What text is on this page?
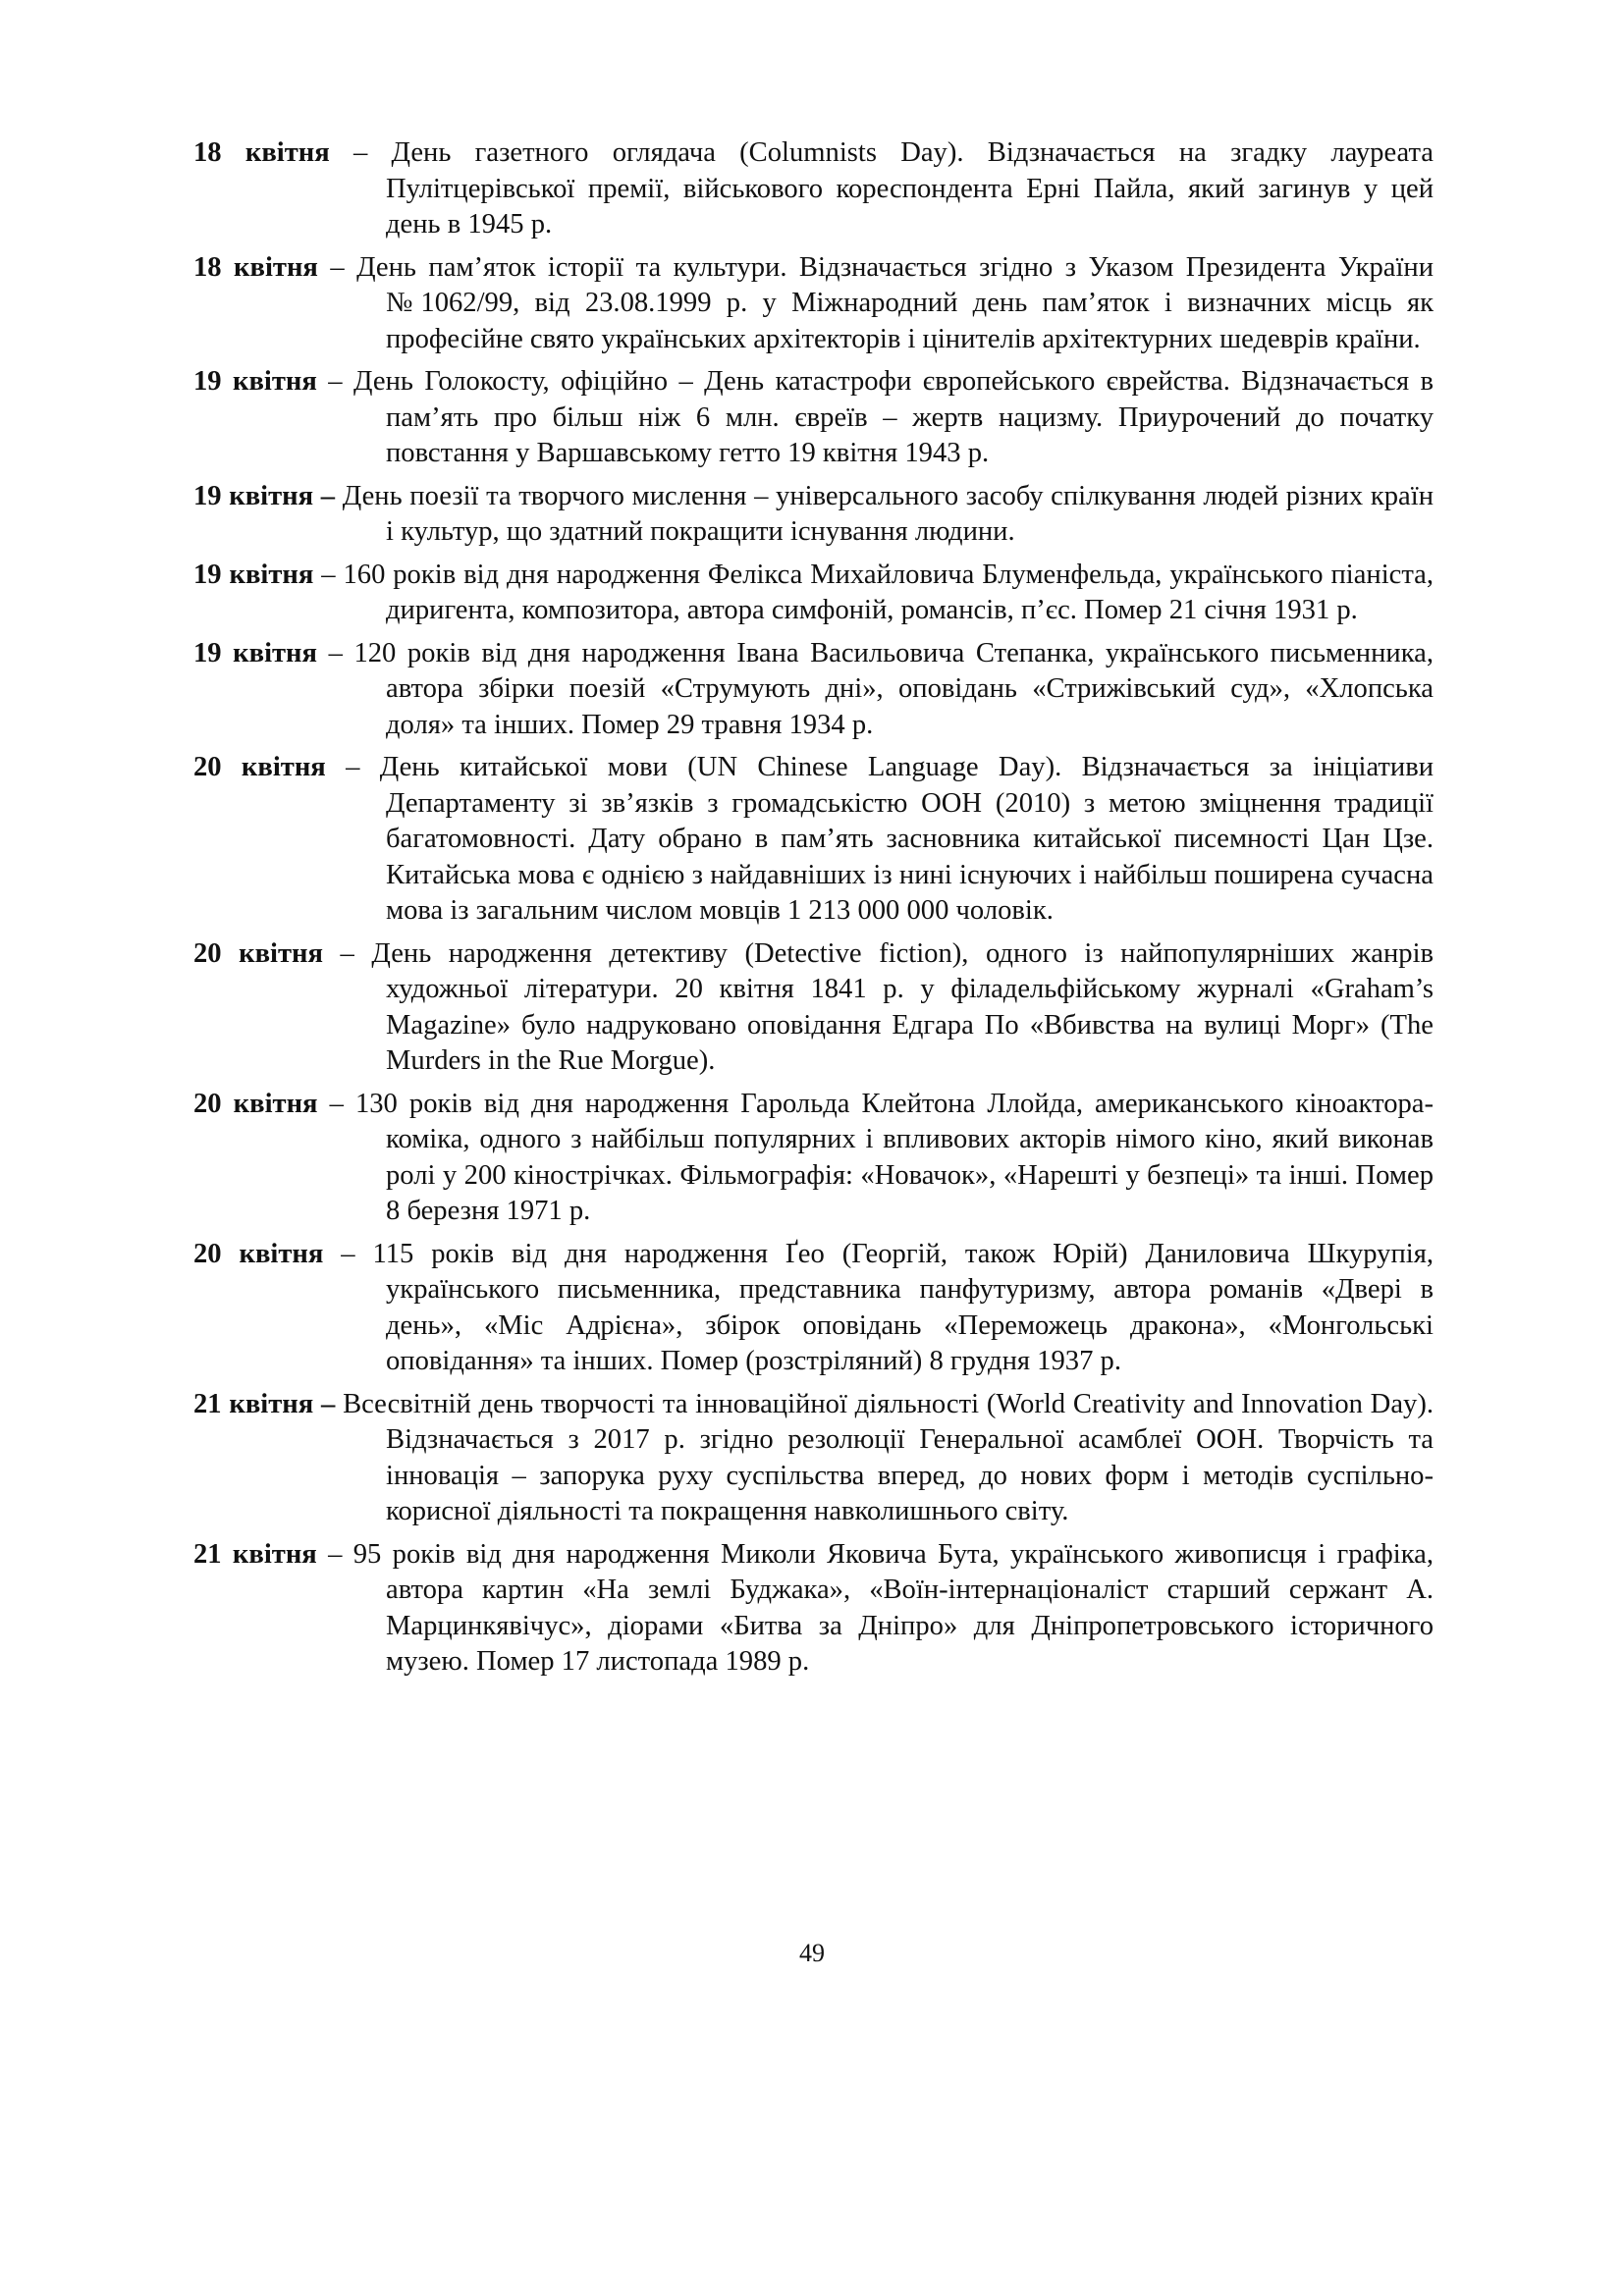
18 квітня – День газетного оглядача (Columnists Day). Відзначається на згадку лауреата Пулітцерівської премії, військового кореспондента Ерні Пайла, який загинув у цей день в 1945 р.

18 квітня – День пам’яток історії та культури. Відзначається згідно з Указом Президента України №1062/99, від 23.08.1999 р. у Міжнародний день пам’яток і визначних місць як професійне свято українських архітекторів і цінителів архітектурних шедеврів країни.

19 квітня – День Голокосту, офіційно – День катастрофи європейського єврейства. Відзначається в пам’ять про більш ніж 6 млн. євреїв – жертв нацизму. Приурочений до початку повстання у Варшавському гетто 19 квітня 1943 р.

19 квітня – День поезії та творчого мислення – універсального засобу спілкування людей різних країн і культур, що здатний покращити існування людини.

19 квітня – 160 років від дня народження Фелікса Михайловича Блуменфельда, українського піаніста, диригента, композитора, автора симфоній, романсів, п’єс. Помер 21 січня 1931 р.

19 квітня – 120 років від дня народження Івана Васильовича Степанка, українського письменника, автора збірки поезій «Струмують дні», оповідань «Стрижівський суд», «Хлопська доля» та інших. Помер 29 травня 1934 р.

20 квітня – День китайської мови (UN Chinese Language Day). Відзначається за ініціативи Департаменту зі зв’язків з громадськістю ООН (2010) з метою зміцнення традиції багатомовності. Дату обрано в пам’ять засновника китайської писемності Цан Цзе. Китайська мова є однією з найдавніших із нині існуючих і найбільш поширена сучасна мова із загальним числом мовців 1 213 000 000 чоловік.

20 квітня – День народження детективу (Detective fiction), одного із найпопулярніших жанрів художньої літератури. 20 квітня 1841 р. у філадельфійському журналі «Graham’s Magazine» було надруковано оповідання Едгара По «Вбивства на вулиці Морг» (The Murders in the Rue Morgue).

20 квітня – 130 років від дня народження Гарольда Клейтона Ллойда, американського кіноактора-коміка, одного з найбільш популярних і впливових акторів німого кіно, який виконав ролі у 200 кінострічках. Фільмографія: «Новачок», «Нарешті у безпеці» та інші. Помер 8 березня 1971 р.

20 квітня – 115 років від дня народження Ґео (Георгій, також Юрій) Даниловича Шкурупія, українського письменника, представника панфутуризму, автора романів «Двері в день», «Міс Адрієна», збірок оповідань «Переможець дракона», «Монгольські оповідання» та інших. Помер (розстріляний) 8 грудня 1937 р.

21 квітня – Всесвітній день творчості та інноваційної діяльності (World Creativity and Innovation Day). Відзначається з 2017 р. згідно резолюції Генеральної асамблеї ООН. Творчість та інновація – запорука руху суспільства вперед, до нових форм і методів суспільно-корисної діяльності та покращення навколишнього світу.

21 квітня – 95 років від дня народження Миколи Яковича Бута, українського живописця і графіка, автора картин «На землі Буджака», «Воїн-інтернаціоналіст старший сержант А. Марцинкявічус», діорами «Битва за Дніпро» для Дніпропетровського історичного музею. Помер 17 листопада 1989 р.

49
